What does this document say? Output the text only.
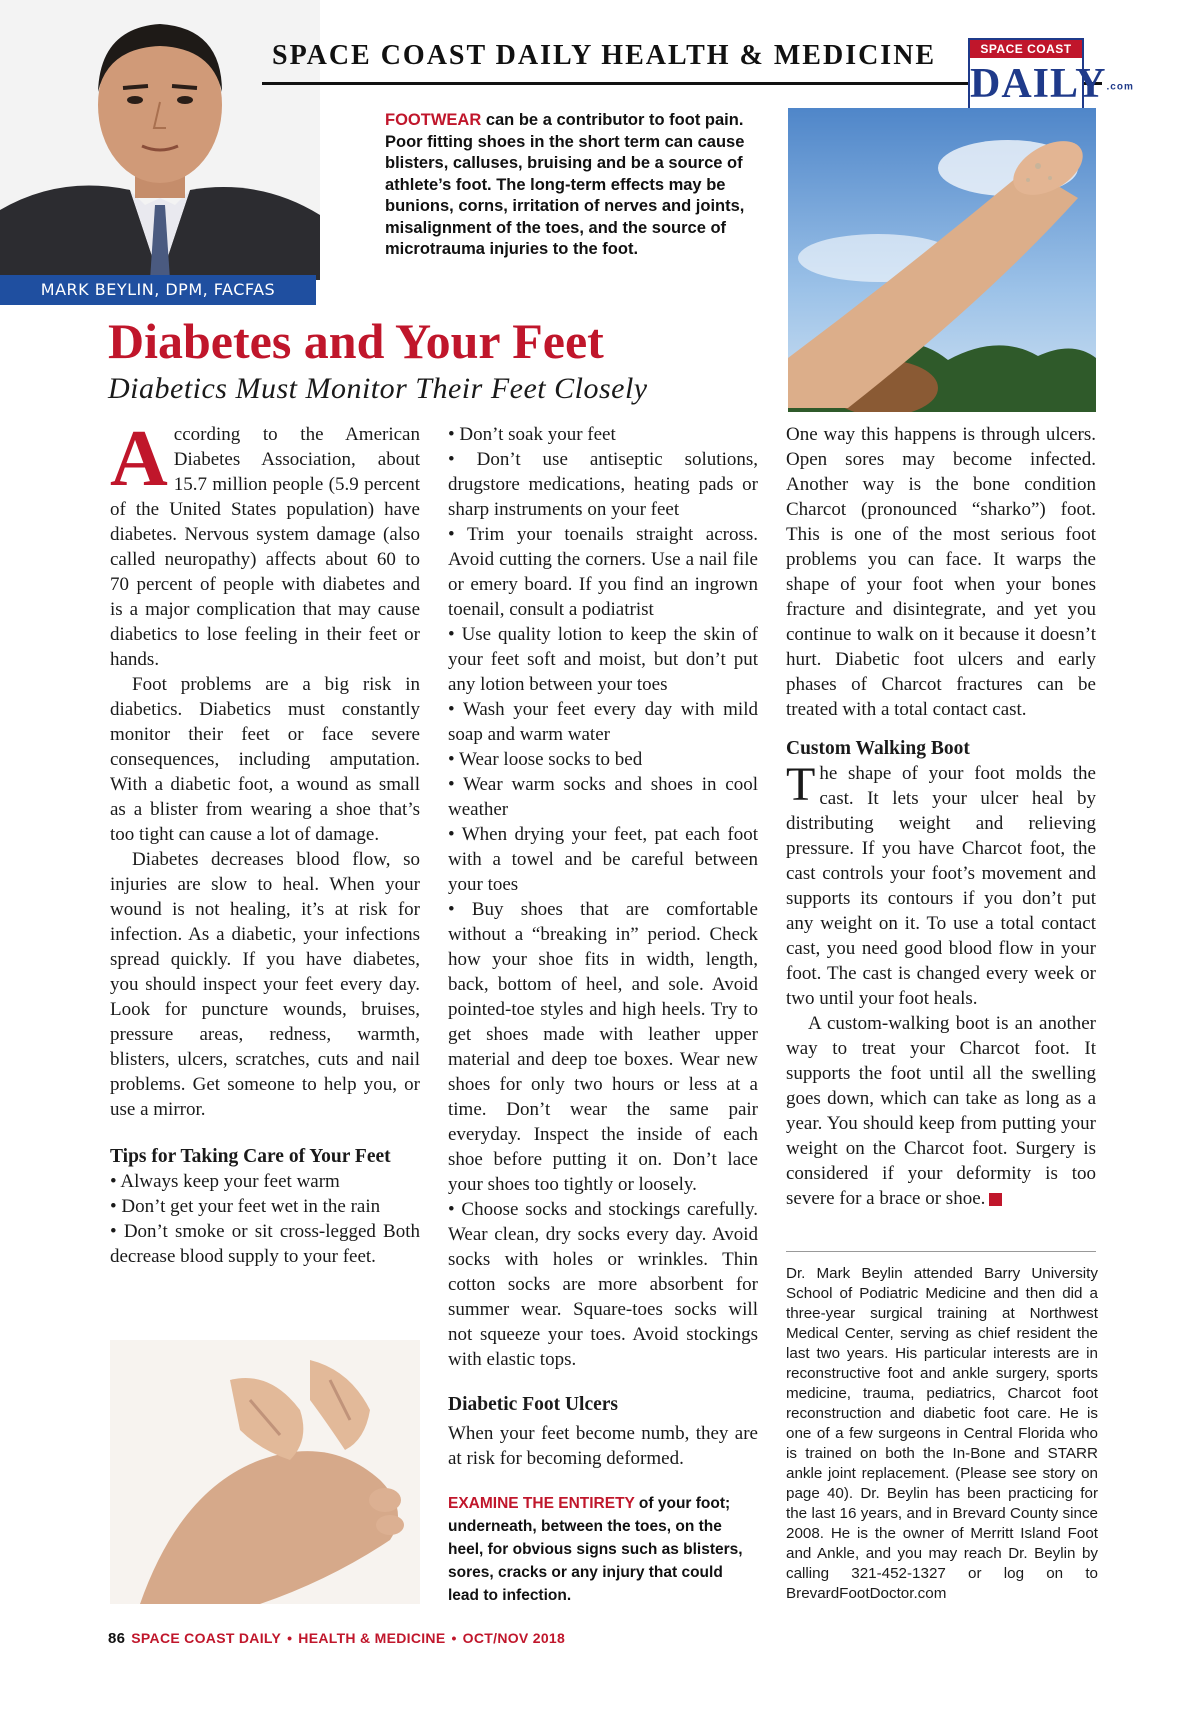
MARK BEYLIN, DPM, FACFAS
SPACE COAST DAILY HEALTH & MEDICINE	SPACE COAST
DAILY.com
FOOTWEAR can be a contributor to foot pain. Poor fitting shoes in the short term can cause blisters, calluses, bruising and be a source of athlete’s foot. The long-term effects may be bunions, corns, irritation of nerves and joints, misalignment of the toes, and the source of microtrauma injuries to the foot.
Diabetes and Your Feet
Diabetics Must Monitor Their Feet Closely

According to the American Diabetes Association, about 15.7 million people (5.9 percent of the United States population) have diabetes. Nervous system damage (also called neuropathy) affects about 60 to 70 percent of people with diabetes and is a major complication that may cause diabetics to lose feeling in their feet or hands.

Foot problems are a big risk in diabetics. Diabetics must constantly monitor their feet or face severe consequences, including amputation. With a diabetic foot, a wound as small as a blister from wearing a shoe that’s too tight can cause a lot of damage.

Diabetes decreases blood flow, so injuries are slow to heal. When your wound is not healing, it’s at risk for infection. As a diabetic, your infections spread quickly. If you have diabetes, you should inspect your feet every day. Look for puncture wounds, bruises, pressure areas, redness, warmth, blisters, ulcers, scratches, cuts and nail problems. Get someone to help you, or use a mirror.

Tips for Taking Care of Your Feet

• Always keep your feet warm

• Don’t get your feet wet in the rain

• Don’t smoke or sit cross-legged Both decrease blood supply to your feet.

• Don’t soak your feet

• Don’t use antiseptic solutions, drugstore medications, heating pads or sharp instruments on your feet

• Trim your toenails straight across. Avoid cutting the corners. Use a nail file or emery board. If you find an ingrown toenail, consult a podiatrist

• Use quality lotion to keep the skin of your feet soft and moist, but don’t put any lotion between your toes

• Wash your feet every day with mild soap and warm water

• Wear loose socks to bed

• Wear warm socks and shoes in cool weather

• When drying your feet, pat each foot with a towel and be careful between your toes

• Buy shoes that are comfortable without a “breaking in” period. Check how your shoe fits in width, length, back, bottom of heel, and sole. Avoid pointed-toe styles and high heels. Try to get shoes made with leather upper material and deep toe boxes. Wear new shoes for only two hours or less at a time. Don’t wear the same pair everyday. Inspect the inside of each shoe before putting it on. Don’t lace your shoes too tightly or loosely.

• Choose socks and stockings carefully. Wear clean, dry socks every day. Avoid socks with holes or wrinkles. Thin cotton socks are more absorbent for summer wear. Square-toes socks will not squeeze your toes. Avoid stockings with elastic tops.

Diabetic Foot Ulcers

When your feet become numb, they are at risk for becoming deformed.

EXAMINE THE ENTIRETY of your foot; underneath, between the toes, on the heel, for obvious signs such as blisters, sores, cracks or any injury that could lead to infection.

One way this happens is through ulcers. Open sores may become infected. Another way is the bone condition Charcot (pronounced “sharko”) foot. This is one of the most serious foot problems you can face. It warps the shape of your foot when your bones fracture and disintegrate, and yet you continue to walk on it because it doesn’t hurt. Diabetic foot ulcers and early phases of Charcot fractures can be treated with a total contact cast.

Custom Walking Boot

The shape of your foot molds the cast. It lets your ulcer heal by distributing weight and relieving pressure. If you have Charcot foot, the cast controls your foot’s movement and supports its contours if you don’t put any weight on it. To use a total contact cast, you need good blood flow in your foot. The cast is changed every week or two until your foot heals.

A custom-walking boot is an another way to treat your Charcot foot. It supports the foot until all the swelling goes down, which can take as long as a year. You should keep from putting your weight on the Charcot foot. Surgery is considered if your deformity is too severe for a brace or shoe.

Dr. Mark Beylin attended Barry University School of Podiatric Medicine and then did a three-year surgical training at Northwest Medical Center, serving as chief resident the last two years. His particular interests are in reconstructive foot and ankle surgery, sports medicine, trauma, pediatrics, Charcot foot reconstruction and diabetic foot care. He is one of a few surgeons in Central Florida who is trained on both the In-Bone and STARR ankle joint replacement. (Please see story on page 40). Dr. Beylin has been practicing for the last 16 years, and in Brevard County since 2008. He is the owner of Merritt Island Foot and Ankle, and you may reach Dr. Beylin by calling 321-452-1327 or log on to BrevardFootDoctor.com
86 SPACE COAST DAILY • HEALTH & MEDICINE • OCT/NOV 2018
